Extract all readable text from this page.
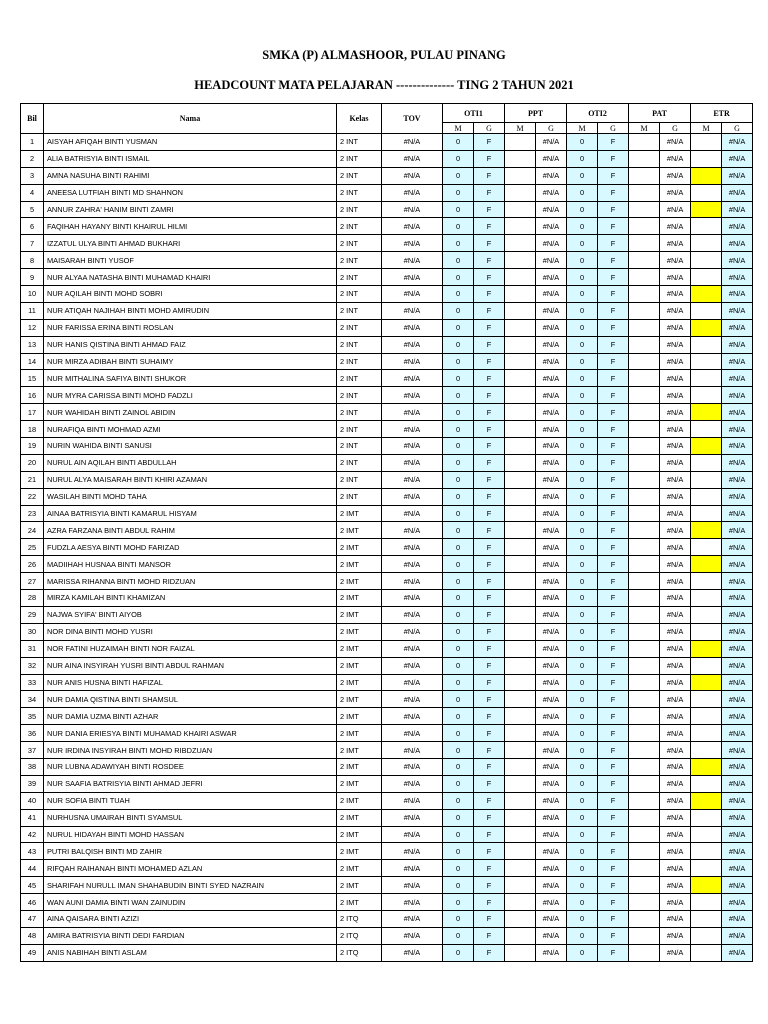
SMKA (P) ALMASHOOR, PULAU PINANG
HEADCOUNT MATA PELAJARAN -------------- TING 2 TAHUN 2021
Bil	Nama	Kelas	TOV	OTI1		PPT		OTI2		PAT		ETR	
				M	G	M	G	M	G	M	G	M	G
1	AISYAH AFIQAH BINTI YUSMAN	2 INT	#N/A	0	F		#N/A	0	F		#N/A		#N/A
2	ALIA BATRISYIA BINTI ISMAIL	2 INT	#N/A	0	F		#N/A	0	F		#N/A		#N/A
3	AMNA NASUHA BINTI RAHIMI	2 INT	#N/A	0	F		#N/A	0	F		#N/A		#N/A
4	ANEESA LUTFIAH BINTI MD SHAHNON	2 INT	#N/A	0	F		#N/A	0	F		#N/A		#N/A
5	ANNUR ZAHRA' HANIM BINTI ZAMRI	2 INT	#N/A	0	F		#N/A	0	F		#N/A		#N/A
6	FAQIHAH HAYANY BINTI KHAIRUL HILMI	2 INT	#N/A	0	F		#N/A	0	F		#N/A		#N/A
7	IZZATUL ULYA BINTI AHMAD BUKHARI	2 INT	#N/A	0	F		#N/A	0	F		#N/A		#N/A
8	MAISARAH BINTI YUSOF	2 INT	#N/A	0	F		#N/A	0	F		#N/A		#N/A
9	NUR ALYAA NATASHA BINTI MUHAMAD KHAIRI	2 INT	#N/A	0	F		#N/A	0	F		#N/A		#N/A
10	NUR AQILAH BINTI MOHD SOBRI	2 INT	#N/A	0	F		#N/A	0	F		#N/A		#N/A
11	NUR ATIQAH NAJIHAH BINTI MOHD AMIRUDIN	2 INT	#N/A	0	F		#N/A	0	F		#N/A		#N/A
12	NUR FARISSA ERINA BINTI ROSLAN	2 INT	#N/A	0	F		#N/A	0	F		#N/A		#N/A
13	NUR HANIS QISTINA BINTI AHMAD FAIZ	2 INT	#N/A	0	F		#N/A	0	F		#N/A		#N/A
14	NUR MIRZA ADIBAH BINTI SUHAIMY	2 INT	#N/A	0	F		#N/A	0	F		#N/A		#N/A
15	NUR MITHALINA SAFIYA BINTI SHUKOR	2 INT	#N/A	0	F		#N/A	0	F		#N/A		#N/A
16	NUR MYRA CARISSA BINTI MOHD FADZLI	2 INT	#N/A	0	F		#N/A	0	F		#N/A		#N/A
17	NUR WAHIDAH BINTI ZAINOL ABIDIN	2 INT	#N/A	0	F		#N/A	0	F		#N/A		#N/A
18	NURAFIQA BINTI MOHMAD AZMI	2 INT	#N/A	0	F		#N/A	0	F		#N/A		#N/A
19	NURIN WAHIDA BINTI SANUSI	2 INT	#N/A	0	F		#N/A	0	F		#N/A		#N/A
20	NURUL AIN AQILAH BINTI ABDULLAH	2 INT	#N/A	0	F		#N/A	0	F		#N/A		#N/A
21	NURUL ALYA MAISARAH BINTI KHIRI AZAMAN	2 INT	#N/A	0	F		#N/A	0	F		#N/A		#N/A
22	WASILAH BINTI MOHD TAHA	2 INT	#N/A	0	F		#N/A	0	F		#N/A		#N/A
23	AINAA BATRISYIA BINTI KAMARUL HISYAM	2 IMT	#N/A	0	F		#N/A	0	F		#N/A		#N/A
24	AZRA FARZANA BINTI ABDUL RAHIM	2 IMT	#N/A	0	F		#N/A	0	F		#N/A		#N/A
25	FUDZLA AESYA BINTI MOHD FARIZAD	2 IMT	#N/A	0	F		#N/A	0	F		#N/A		#N/A
26	MADIIHAH HUSNAA BINTI MANSOR	2 IMT	#N/A	0	F		#N/A	0	F		#N/A		#N/A
27	MARISSA RIHANNA BINTI MOHD RIDZUAN	2 IMT	#N/A	0	F		#N/A	0	F		#N/A		#N/A
28	MIRZA KAMILAH BINTI KHAMIZAN	2 IMT	#N/A	0	F		#N/A	0	F		#N/A		#N/A
29	NAJWA SYIFA' BINTI AIYOB	2 IMT	#N/A	0	F		#N/A	0	F		#N/A		#N/A
30	NOR DINA BINTI MOHD YUSRI	2 IMT	#N/A	0	F		#N/A	0	F		#N/A		#N/A
31	NOR FATINI HUZAIMAH BINTI NOR FAIZAL	2 IMT	#N/A	0	F		#N/A	0	F		#N/A		#N/A
32	NUR AINA INSYIRAH YUSRI BINTI ABDUL RAHMAN	2 IMT	#N/A	0	F		#N/A	0	F		#N/A		#N/A
33	NUR ANIS HUSNA BINTI HAFIZAL	2 IMT	#N/A	0	F		#N/A	0	F		#N/A		#N/A
34	NUR DAMIA QISTINA BINTI SHAMSUL	2 IMT	#N/A	0	F		#N/A	0	F		#N/A		#N/A
35	NUR DAMIA UZMA BINTI AZHAR	2 IMT	#N/A	0	F		#N/A	0	F		#N/A		#N/A
36	NUR DANIA ERIESYA BINTI MUHAMAD KHAIRI ASWAR	2 IMT	#N/A	0	F		#N/A	0	F		#N/A		#N/A
37	NUR IRDINA INSYIRAH BINTI MOHD RIBDZUAN	2 IMT	#N/A	0	F		#N/A	0	F		#N/A		#N/A
38	NUR LUBNA ADAWIYAH BINTI ROSDEE	2 IMT	#N/A	0	F		#N/A	0	F		#N/A		#N/A
39	NUR SAAFIA BATRISYIA BINTI AHMAD JEFRI	2 IMT	#N/A	0	F		#N/A	0	F		#N/A		#N/A
40	NUR SOFIA BINTI TUAH	2 IMT	#N/A	0	F		#N/A	0	F		#N/A		#N/A
41	NURHUSNA UMAIRAH BINTI SYAMSUL	2 IMT	#N/A	0	F		#N/A	0	F		#N/A		#N/A
42	NURUL HIDAYAH BINTI MOHD HASSAN	2 IMT	#N/A	0	F		#N/A	0	F		#N/A		#N/A
43	PUTRI BALQISH BINTI MD ZAHIR	2 IMT	#N/A	0	F		#N/A	0	F		#N/A		#N/A
44	RIFQAH RAIHANAH BINTI MOHAMED AZLAN	2 IMT	#N/A	0	F		#N/A	0	F		#N/A		#N/A
45	SHARIFAH NURULL IMAN SHAHABUDIN BINTI SYED NAZRAIN	2 IMT	#N/A	0	F		#N/A	0	F		#N/A		#N/A
46	WAN AUNI DAMIA BINTI WAN ZAINUDIN	2 IMT	#N/A	0	F		#N/A	0	F		#N/A		#N/A
47	AINA QAISARA BINTI AZIZI	2 ITQ	#N/A	0	F		#N/A	0	F		#N/A		#N/A
48	AMIRA BATRISYIA BINTI DEDI FARDIAN	2 ITQ	#N/A	0	F		#N/A	0	F		#N/A		#N/A
49	ANIS NABIHAH BINTI ASLAM	2 ITQ	#N/A	0	F		#N/A	0	F		#N/A		#N/A
